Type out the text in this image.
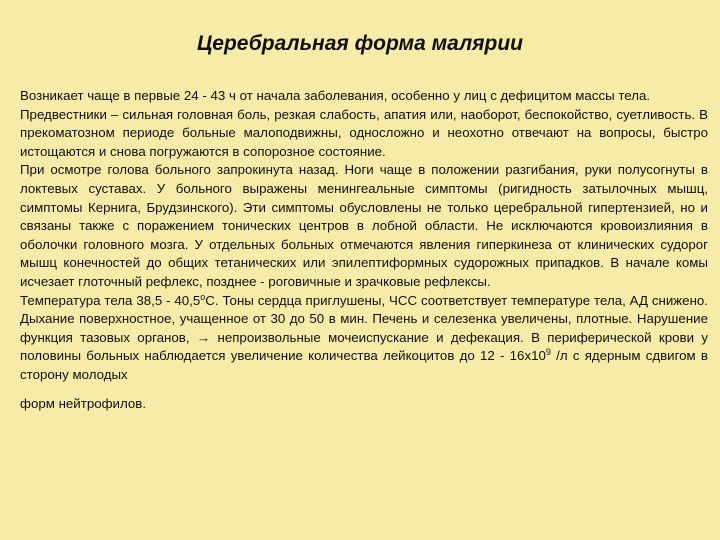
Церебральная форма малярии

Возникает чаще в первые 24 - 43 ч от начала заболевания, особенно у лиц с дефицитом массы тела.

Предвестники – сильная головная боль, резкая слабость, апатия или, наоборот, беспокойство, суетливость. В прекоматозном периоде больные малоподвижны, односложно и неохотно отвечают на вопросы, быстро истощаются и снова погружаются в сопорозное состояние.

При осмотре голова больного запрокинута назад. Ноги чаще в положении разгибания, руки полусогнуты в локтевых суставах. У больного выражены менингеальные симптомы (ригидность затылочных мышц, симптомы Кернига, Брудзинского). Эти симптомы обусловлены не только церебральной гипертензией, но и связаны также с поражением тонических центров в лобной области. Не исключаются кровоизлияния в оболочки головного мозга. У отдельных больных отмечаются явления гиперкинеза от клинических судорог мышц конечностей до общих тетанических или эпилептиформных судорожных припадков. В начале комы исчезает глоточный рефлекс, позднее - роговичные и зрачковые рефлексы.

Температура тела $38,5 - 40,5^оС$. Тоны сердца приглушены, ЧСС соответствует температуре тела, АД снижено. Дыхание поверхностное, учащенное от 30 до 50 в мин. Печень и селезенка увеличены, плотные. Нарушение функция тазовых органов, → непроизвольные мочеиспускание и дефекация. В периферической крови у половины больных наблюдается увеличение количества лейкоцитов до $12 - 16х10^9$ /л с ядерным сдвигом в сторону молодых

форм нейтрофилов.
